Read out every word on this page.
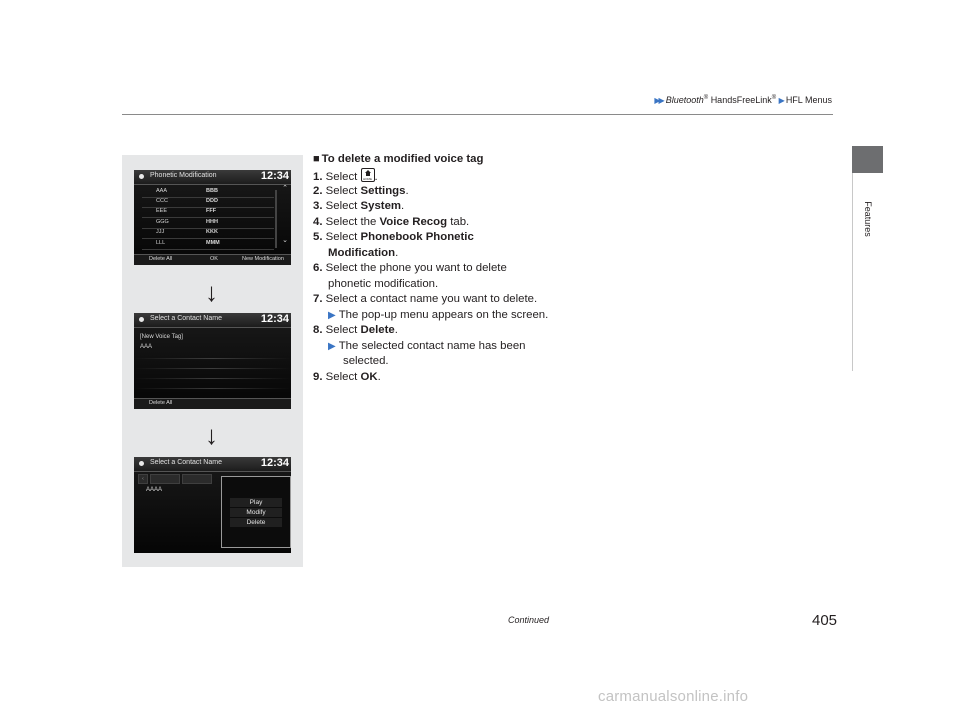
▶▶ Bluetooth® HandsFreeLink® ▶ HFL Menus
Features
Phonetic Modification	12:34
AAA	BBB
CCC	DDD
EEE	FFF
GGG	HHH
JJJ	KKK
LLL	MMM
⌃
⌄
Delete All	OK	New Modification
↓
Select a Contact Name	12:34
[New Voice Tag]
AAA
Delete All
↓
Select a Contact Name	12:34
‹
AAAA
Play
Modify
Delete
■ To delete a modified voice tag
1. Select	HOME .
2. Select Settings.
3. Select System.
4. Select the Voice Recog tab.
5. Select Phonebook Phonetic
Modification.
6. Select the phone you want to delete
phonetic modification.
7. Select a contact name you want to delete.
▶ The pop-up menu appears on the screen.
8. Select Delete.
▶ The selected contact name has been
selected.
9. Select OK.
Continued	405
carmanualsonline.info
